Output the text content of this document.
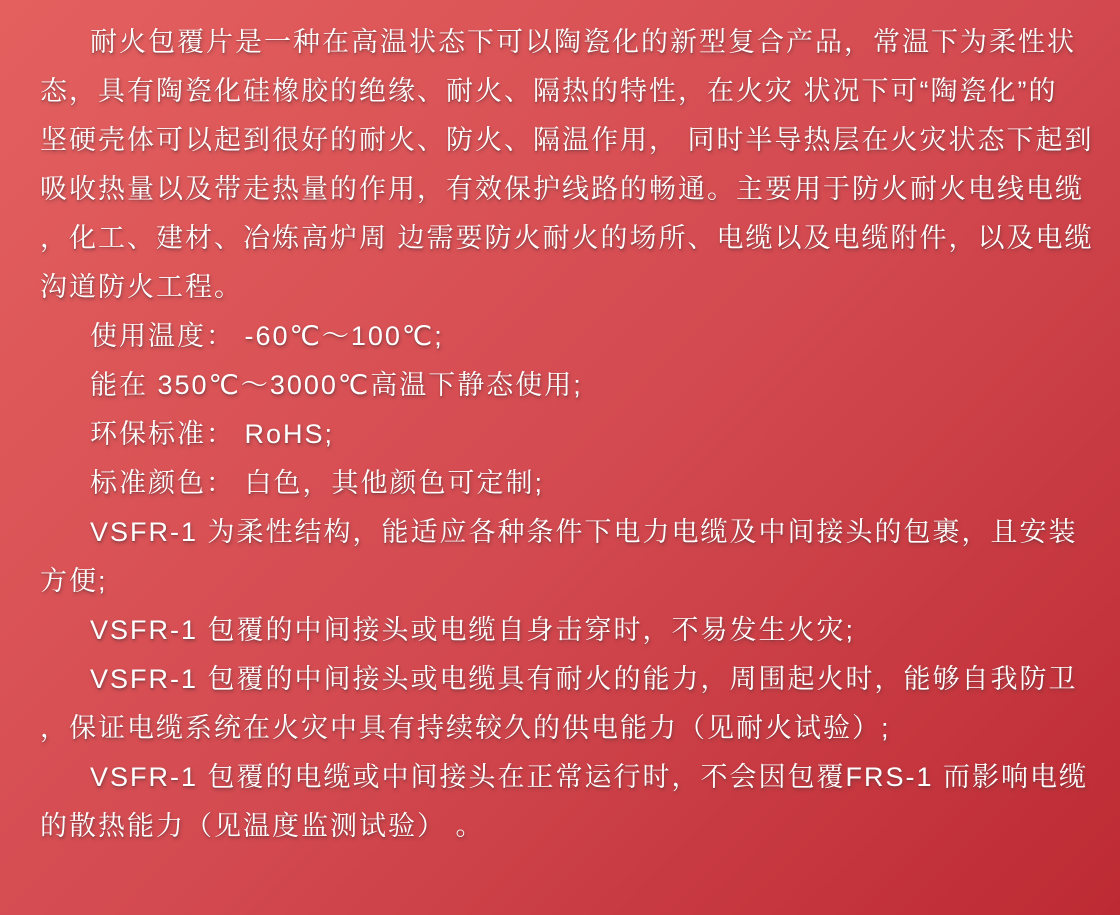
耐火包覆片是一种在高温状态下可以陶瓷化的新型复合产品，常温下为柔性状
态，具有陶瓷化硅橡胶的绝缘、耐火、隔热的特性，在火灾 状况下可“陶瓷化”的
坚硬壳体可以起到很好的耐火、防火、隔温作用， 同时半导热层在火灾状态下起到
吸收热量以及带走热量的作用，有效保护线路的畅通。主要用于防火耐火电线电缆
，化工、建材、冶炼高炉周 边需要防火耐火的场所、电缆以及电缆附件，以及电缆
沟道防火工程。
使用温度： -60℃～100℃;
能在 350℃～3000℃高温下静态使用;
环保标准： RoHS;
标准颜色： 白色，其他颜色可定制;
VSFR-1 为柔性结构，能适应各种条件下电力电缆及中间接头的包裹，且安装
方便;
VSFR-1 包覆的中间接头或电缆自身击穿时，不易发生火灾;
VSFR-1 包覆的中间接头或电缆具有耐火的能力，周围起火时，能够自我防卫
，保证电缆系统在火灾中具有持续较久的供电能力（见耐火试验）;
VSFR-1 包覆的电缆或中间接头在正常运行时，不会因包覆FRS-1 而影响电缆
的散热能力（见温度监测试验） 。
